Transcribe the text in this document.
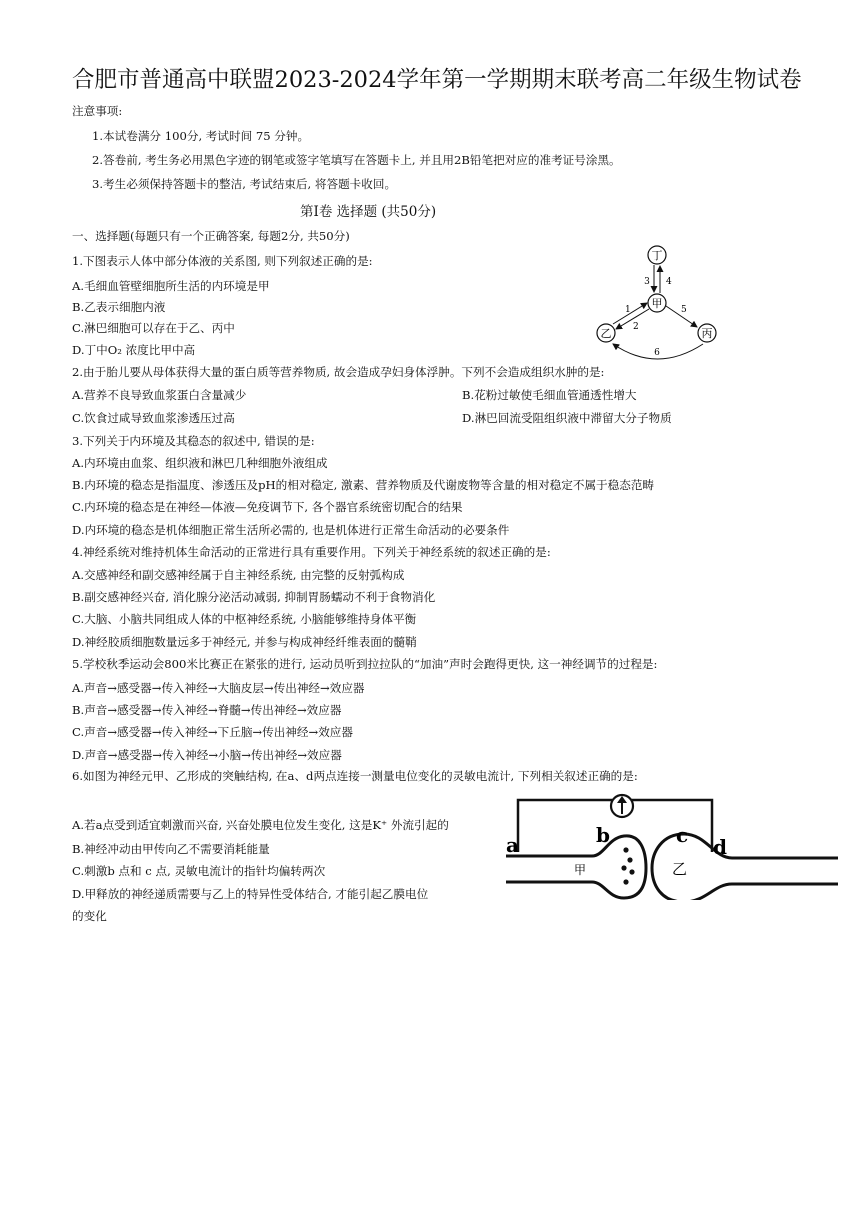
合肥市普通高中联盟2023-2024学年第一学期期末联考高二年级生物试卷
注意事项:
1.本试卷满分 100分, 考试时间 75 分钟。
2.答卷前, 考生务必用黑色字迹的钢笔或签字笔填写在答题卡上, 并且用2B铅笔把对应的准考证号涂黑。
3.考生必须保持答题卡的整洁, 考试结束后, 将答题卡收回。
第Ⅰ卷 选择题 (共50分)
一、选择题(每题只有一个正确答案, 每题2分, 共50分)
1.下图表示人体中部分体液的关系图, 则下列叙述正确的是:
A.毛细血管壁细胞所生活的内环境是甲
B.乙表示细胞内液
C.淋巴细胞可以存在于乙、丙中
D.丁中O₂ 浓度比甲中高
丁
甲
乙	丙
3 4
1
2
5
6
2.由于胎儿要从母体获得大量的蛋白质等营养物质, 故会造成孕妇身体浮肿。下列不会造成组织水肿的是:
A.营养不良导致血浆蛋白含量减少	B.花粉过敏使毛细血管通透性增大
C.饮食过咸导致血浆渗透压过高	D.淋巴回流受阻组织液中滞留大分子物质
3.下列关于内环境及其稳态的叙述中, 错误的是:
A.内环境由血浆、组织液和淋巴几种细胞外液组成
B.内环境的稳态是指温度、渗透压及pH的相对稳定, 激素、营养物质及代谢废物等含量的相对稳定不属于稳态范畴
C.内环境的稳态是在神经—体液—免疫调节下, 各个器官系统密切配合的结果
D.内环境的稳态是机体细胞正常生活所必需的, 也是机体进行正常生命活动的必要条件
4.神经系统对维持机体生命活动的正常进行具有重要作用。下列关于神经系统的叙述正确的是:
A.交感神经和副交感神经属于自主神经系统, 由完整的反射弧构成
B.副交感神经兴奋, 消化腺分泌活动减弱, 抑制胃肠蠕动不利于食物消化
C.大脑、小脑共同组成人体的中枢神经系统, 小脑能够维持身体平衡
D.神经胶质细胞数量远多于神经元, 并参与构成神经纤维表面的髓鞘
5.学校秋季运动会800米比赛正在紧张的进行, 运动员听到拉拉队的“加油”声时会跑得更快, 这一神经调节的过程是:
A.声音→感受器→传入神经→大脑皮层→传出神经→效应器
B.声音→感受器→传入神经→脊髓→传出神经→效应器
C.声音→感受器→传入神经→下丘脑→传出神经→效应器
D.声音→感受器→传入神经→小脑→传出神经→效应器
6.如图为神经元甲、乙形成的突触结构, 在a、d两点连接一测量电位变化的灵敏电流计, 下列相关叙述正确的是:
A.若a点受到适宜刺激而兴奋, 兴奋处膜电位发生变化, 这是K⁺ 外流引起的
B.神经冲动由甲传向乙不需要消耗能量
C.刺激b 点和 c 点, 灵敏电流计的指针均偏转两次
D.甲释放的神经递质需要与乙上的特异性受体结合, 才能引起乙膜电位
的变化
a	b	c d
甲	乙
